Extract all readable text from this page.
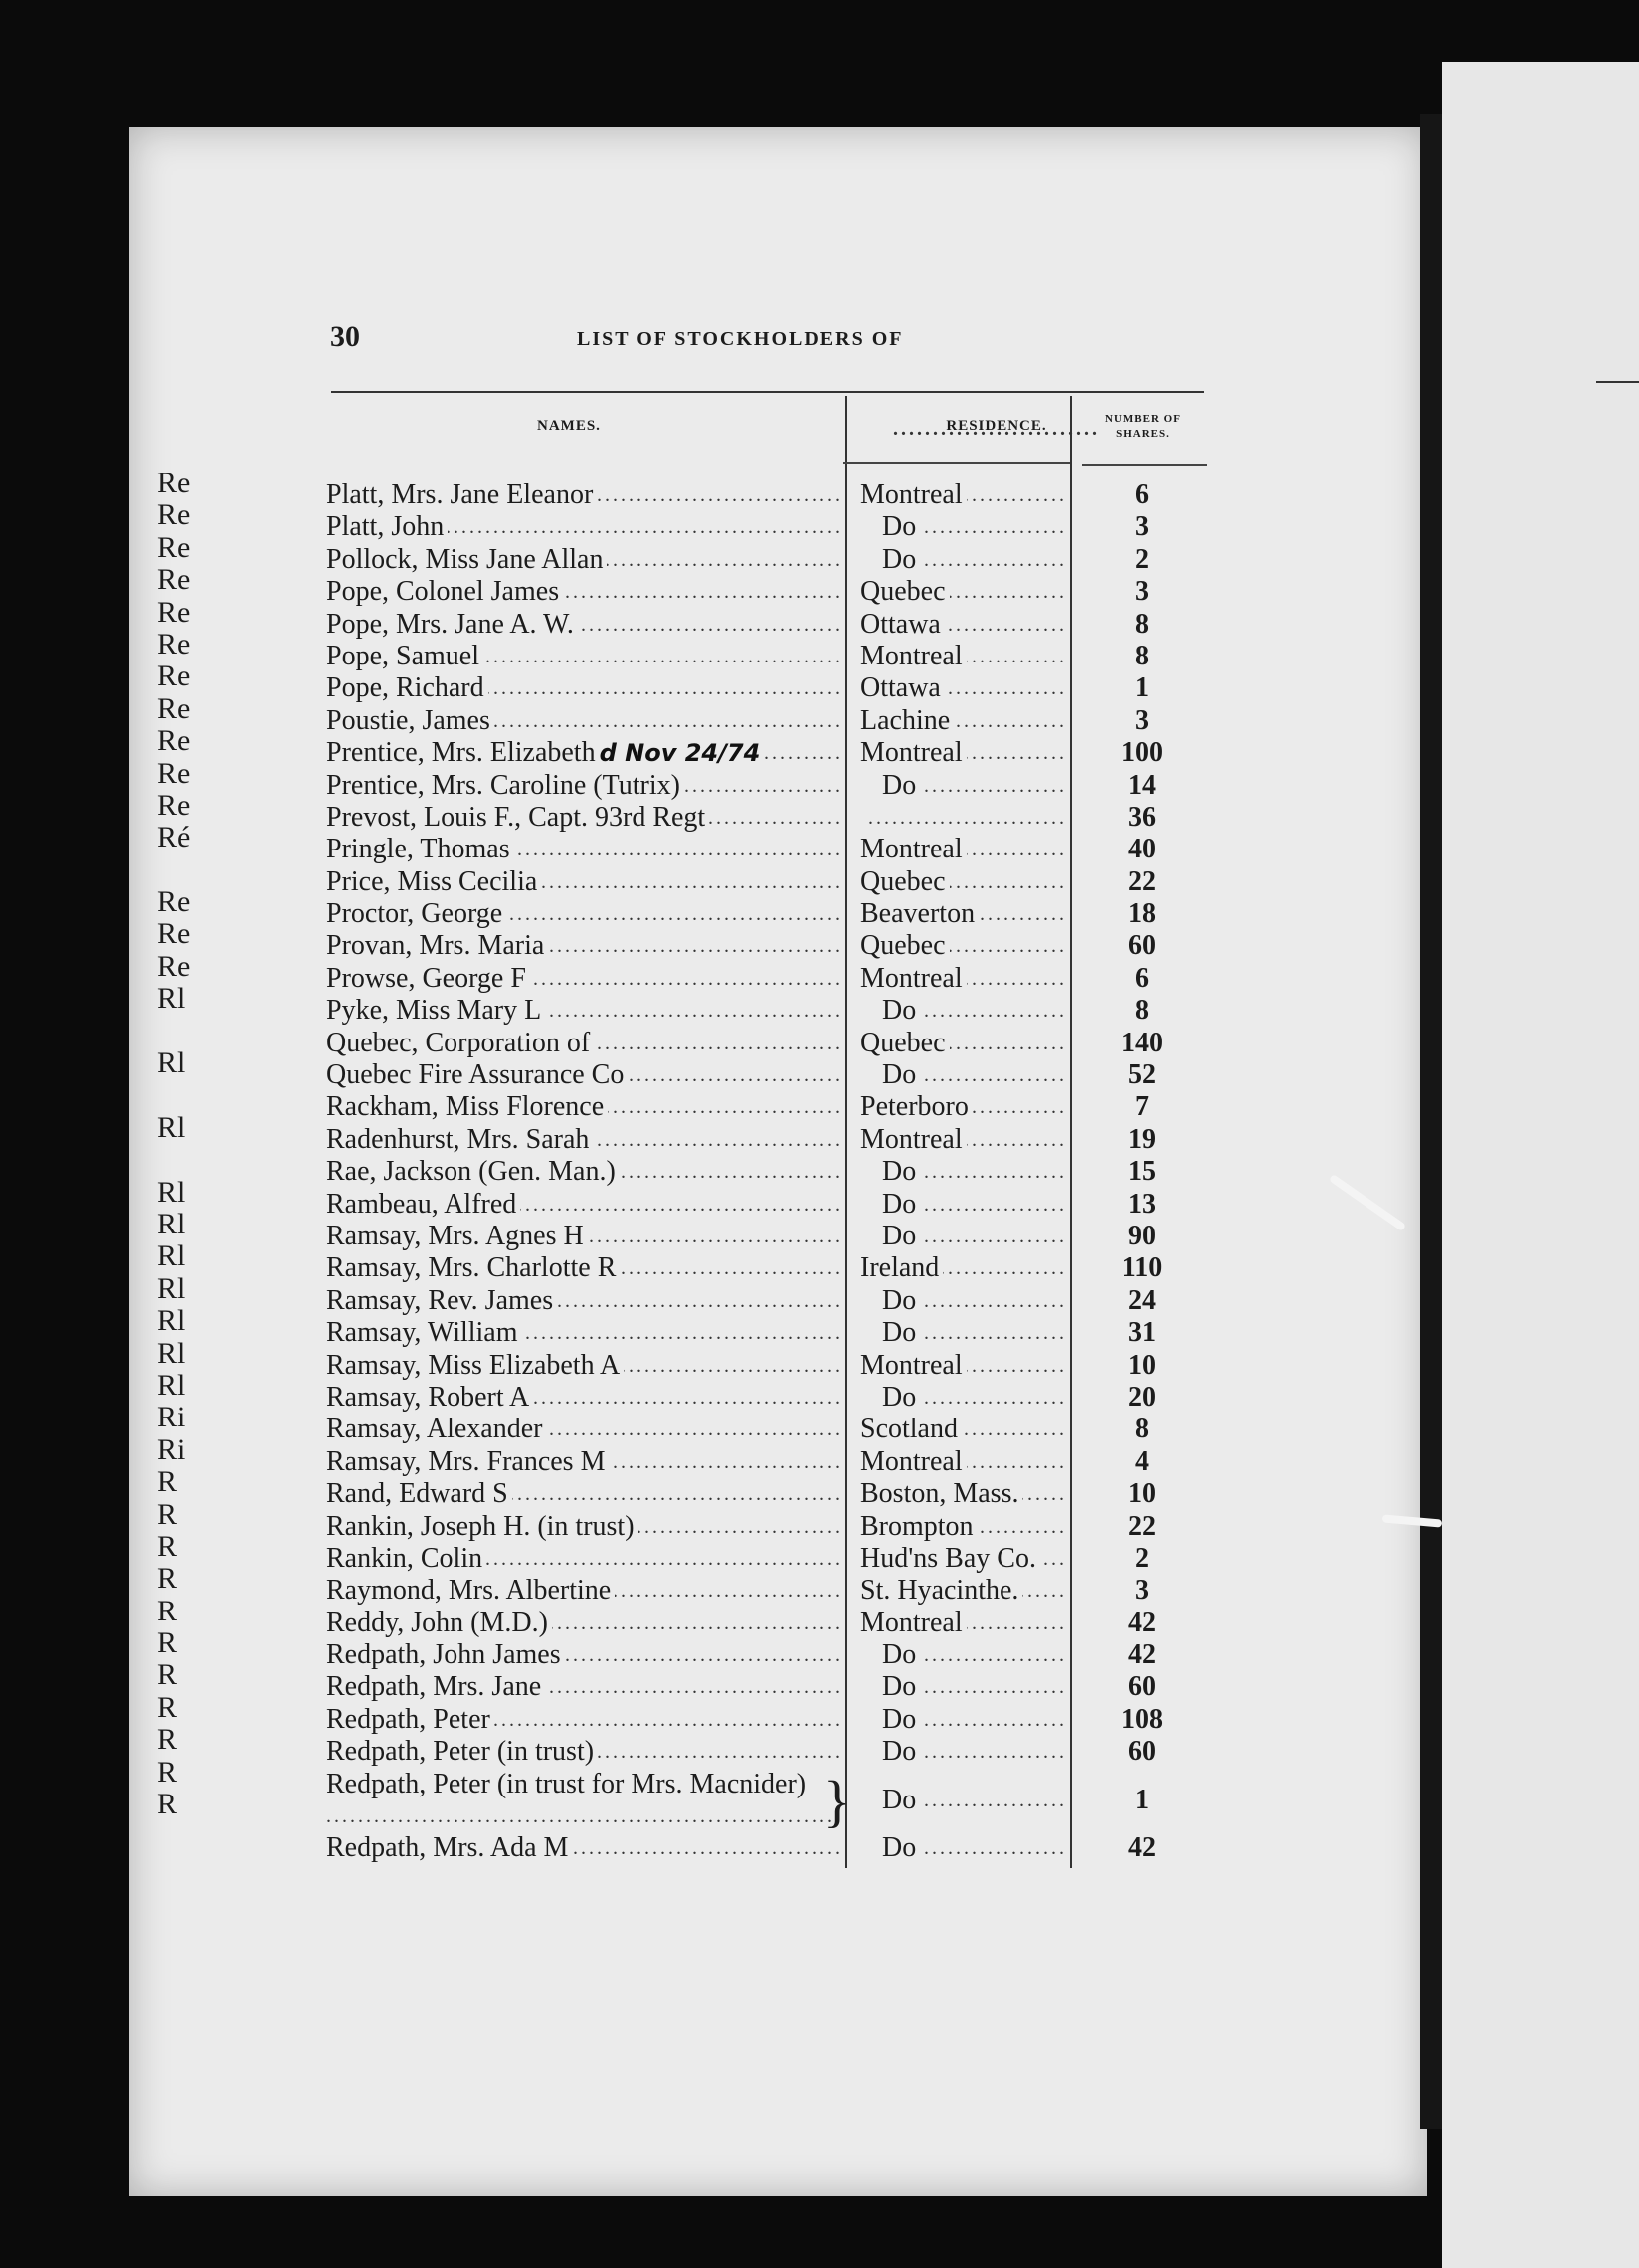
Re
Re
Re
Re
Re
Re
Re
Re
Re
Re
Re
Ré
Re
Re
Re
Rl
Rl
Rl
Rl
Rl
Rl
Rl
Rl
Rl
Rl
Ri
Ri
R
R
R
R
R
R
R
R
R
R
R
30	LIST OF STOCKHOLDERS OF
NAMES.	RESIDENCE. .....	NUMBER OF SHARES.
Platt, Mrs. Jane Eleanor .....	Montreal .....	6
Platt, John .....	Do .....	3
Pollock, Miss Jane Allan .....	Do .....	2
Pope, Colonel James .....	Quebec .....	3
Pope, Mrs. Jane A. W. .....	Ottawa .....	8
Pope, Samuel .....	Montreal .....	8
Pope, Richard .....	Ottawa .....	1
Poustie, James .....	Lachine .....	3
Prentice, Mrs. Elizabeth d Nov 24/74 .....	Montreal .....	100
Prentice, Mrs. Caroline (Tutrix) .....	Do .....	14
Prevost, Louis F., Capt. 93rd Regt ..... .....	36
Pringle, Thomas .....	Montreal .....	40
Price, Miss Cecilia .....	Quebec .....	22
Proctor, George .....	Beaverton .....	18
Provan, Mrs. Maria .....	Quebec .....	60
Prowse, George F .....	Montreal .....	6
Pyke, Miss Mary L .....	Do .....	8
Quebec, Corporation of .....	Quebec .....	140
Quebec Fire Assurance Co .....	Do .....	52
Rackham, Miss Florence .....	Peterboro .....	7
Radenhurst, Mrs. Sarah .....	Montreal .....	19
Rae, Jackson (Gen. Man.) .....	Do .....	15
Rambeau, Alfred .....	Do .....	13
Ramsay, Mrs. Agnes H .....	Do .....	90
Ramsay, Mrs. Charlotte R .....	Ireland .....	110
Ramsay, Rev. James .....	Do .....	24
Ramsay, William .....	Do .....	31
Ramsay, Miss Elizabeth A .....	Montreal .....	10
Ramsay, Robert A .....	Do .....	20
Ramsay, Alexander .....	Scotland .....	8
Ramsay, Mrs. Frances M .....	Montreal .....	4
Rand, Edward S .....	Boston, Mass. .....	10
Rankin, Joseph H. (in trust) .....	Brompton .....	22
Rankin, Colin .....	Hud'ns Bay Co. .....	2
Raymond, Mrs. Albertine .....	St. Hyacinthe. .....	3
Reddy, John (M.D.) .....	Montreal .....	42
Redpath, John James .....	Do .....	42
Redpath, Mrs. Jane .....	Do .....	60
Redpath, Peter .....	Do .....	108
Redpath, Peter (in trust) .....	Do .....	60
Redpath, Peter (in trust for Mrs. Macnider) ..... }	Do .....	1
Redpath, Mrs. Ada M .....	Do .....	42
